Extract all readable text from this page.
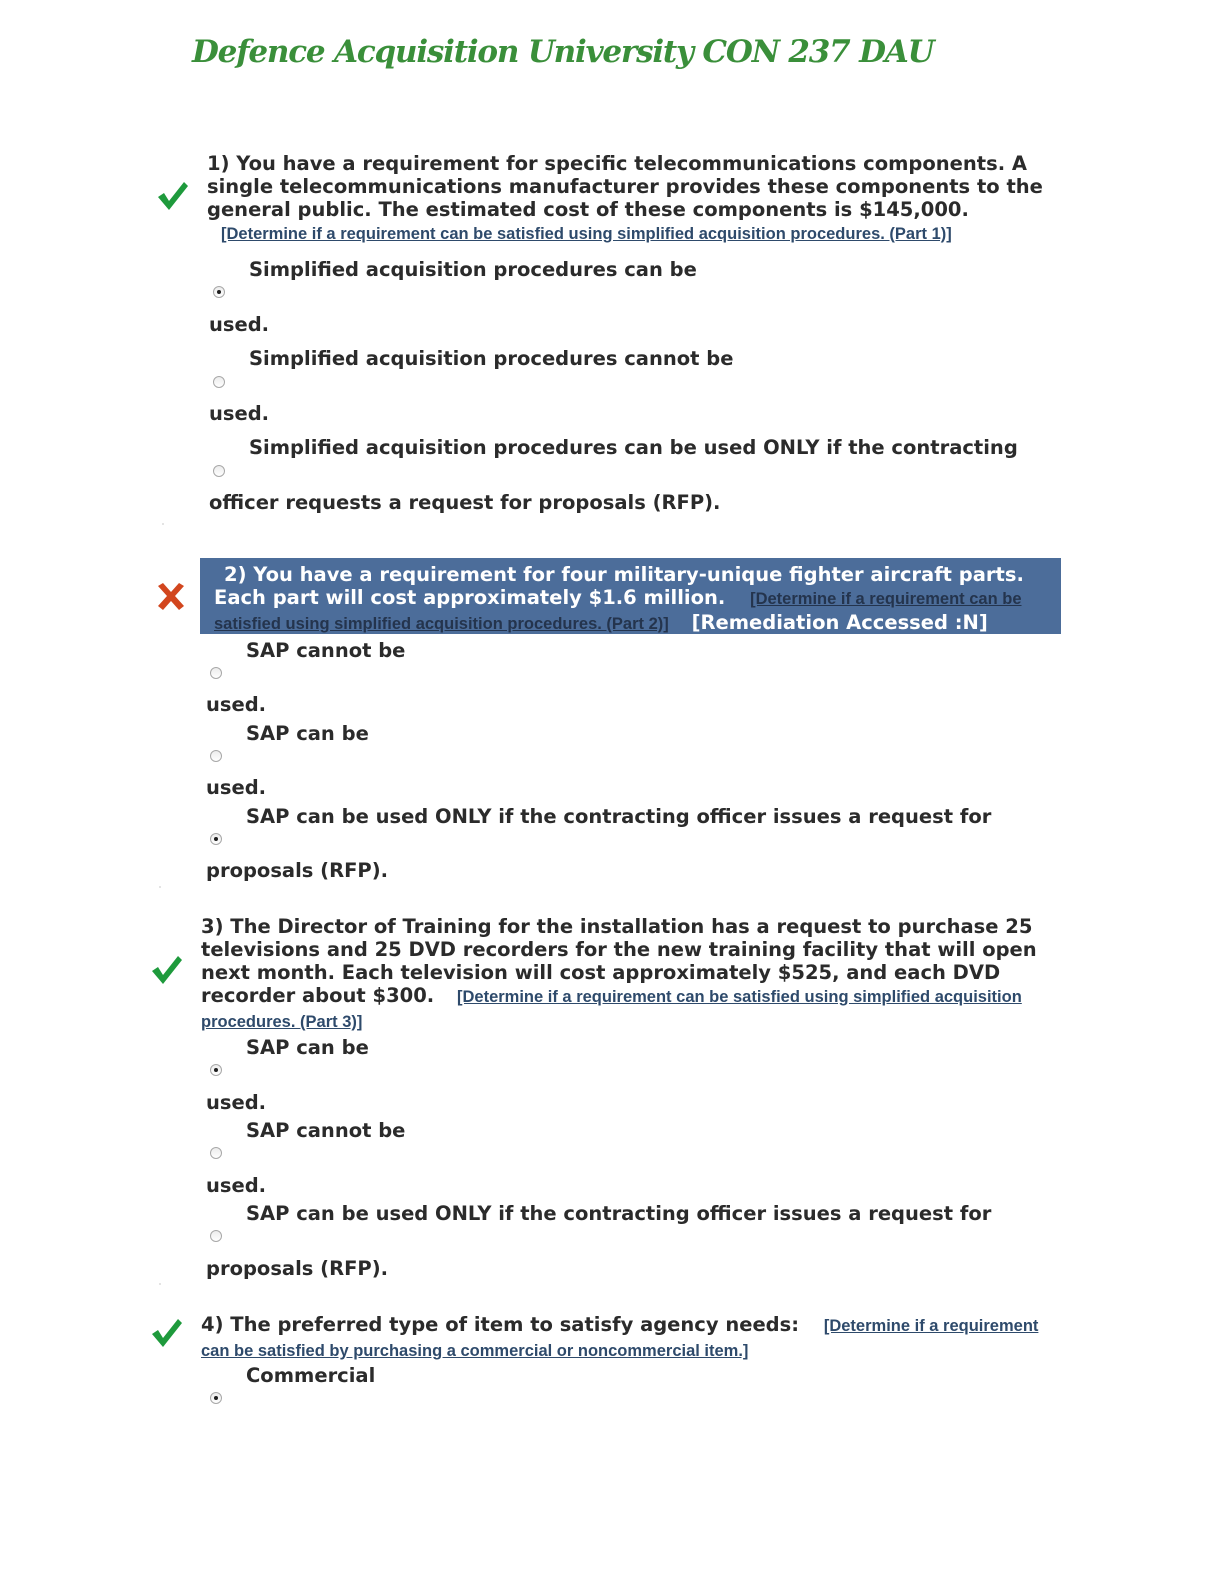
Defence Acquisition University CON 237 DAU
1) You have a requirement for specific telecommunications components. A single telecommunications manufacturer provides these components to the general public. The estimated cost of these components is $145,000.
[Determine if a requirement can be satisfied using simplified acquisition procedures. (Part 1)]
Simplified acquisition procedures can be
used.
Simplified acquisition procedures cannot be
used.
Simplified acquisition procedures can be used ONLY if the contracting
officer requests a request for proposals (RFP).
2) You have a requirement for four military-unique fighter aircraft parts. Each part will cost approximately $1.6 million. [Determine if a requirement can be satisfied using simplified acquisition procedures. (Part 2)] [Remediation Accessed :N]
SAP cannot be
used.
SAP can be
used.
SAP can be used ONLY if the contracting officer issues a request for
proposals (RFP).
3) The Director of Training for the installation has a request to purchase 25 televisions and 25 DVD recorders for the new training facility that will open next month. Each television will cost approximately $525, and each DVD recorder about $300. [Determine if a requirement can be satisfied using simplified acquisition procedures. (Part 3)]
SAP can be
used.
SAP cannot be
used.
SAP can be used ONLY if the contracting officer issues a request for
proposals (RFP).
4) The preferred type of item to satisfy agency needs: [Determine if a requirement can be satisfied by purchasing a commercial or noncommercial item.]
Commercial
